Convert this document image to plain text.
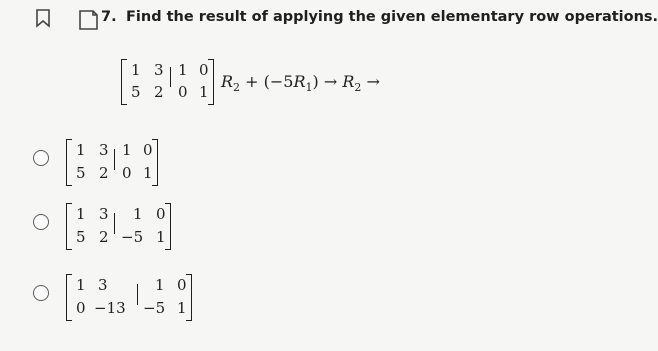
7. Find the result of applying the given elementary row operations.
1 3
5 2
1 0
0 1
$R_2 + (-5R_1) \to R_2$ →
1 3
5 2
1 0
0 1
1 3
5 2
1 0
−5 1
1 3
0 −13
1 0
−5 1
